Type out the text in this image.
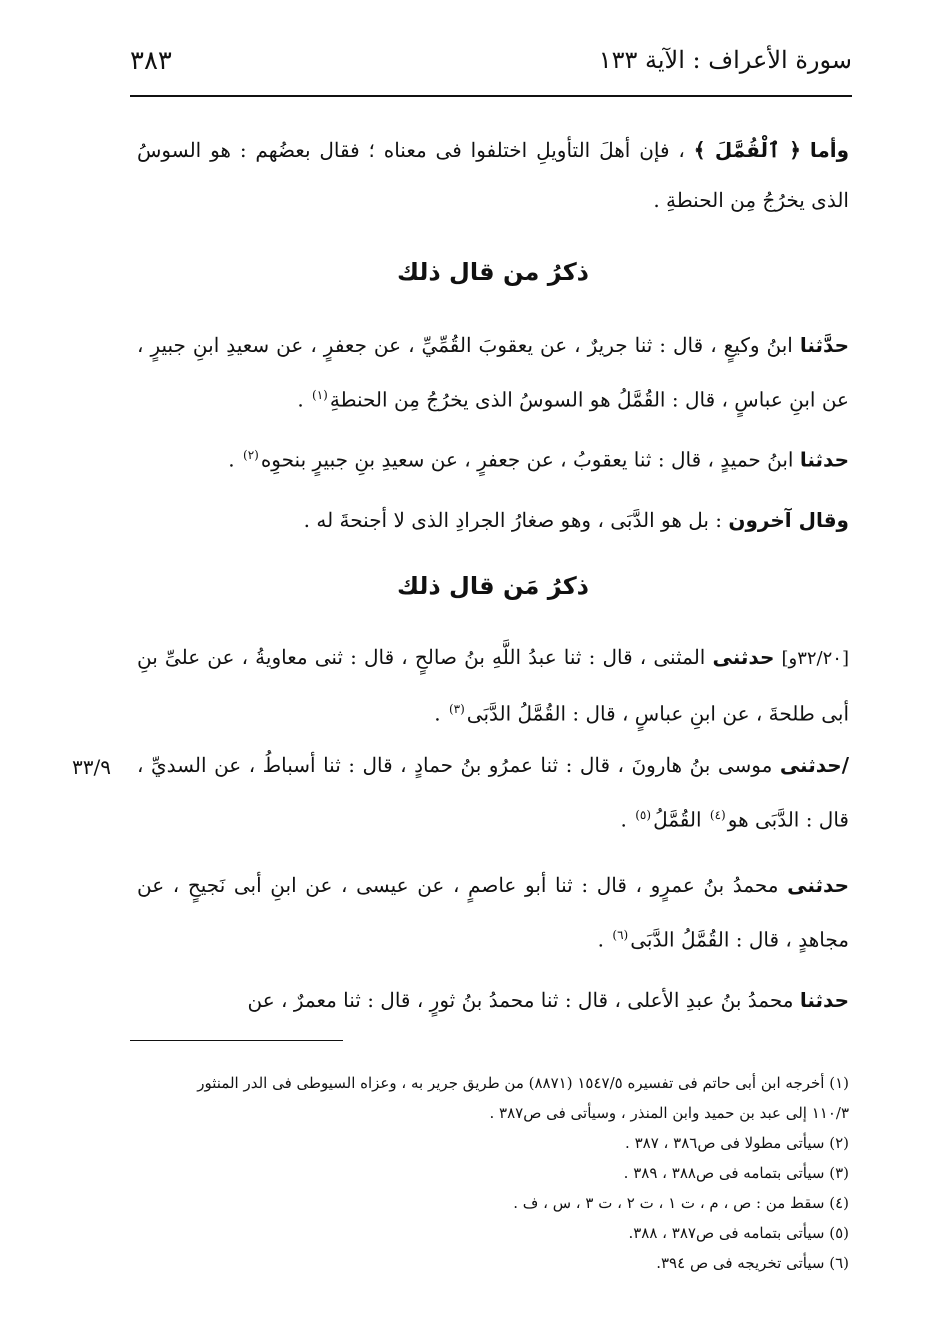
سورة الأعراف : الآية ١٣٣
٣٨٣

وأما ﴿ ٱلْقُمَّلَ ﴾ ، فإن أهلَ التأويلِ اختلفوا فى معناه ؛ فقال بعضُهم : هو السوسُ الذى يخرُجُ مِن الحنطةِ .

ذكرُ من قال ذلك

حدَّثنا ابنُ وكيعٍ ، قال : ثنا جريرٌ ، عن يعقوبَ القُمِّيِّ ، عن جعفرٍ ، عن سعيدِ ابنِ جبيرٍ ، عن ابنِ عباسٍ ، قال : القُمَّلُ هو السوسُ الذى يخرُجُ مِن الحنطةِ$^{(١)}$ .

حدثنا ابنُ حميدٍ ، قال : ثنا يعقوبُ ، عن جعفرٍ ، عن سعيدِ بنِ جبيرٍ بنحوِه$^{(٢)}$ .

وقال آخرون : بل هو الدَّبَى ، وهو صغارُ الجرادِ الذى لا أجنحةَ له .

ذكرُ مَن قال ذلك

[٣٢/٢٠و] حدثنى المثنى ، قال : ثنا عبدُ اللَّهِ بنُ صالحٍ ، قال : ثنى معاويةُ ، عن علىِّ بنِ أبى طلحةَ ، عن ابنِ عباسٍ ، قال : القُمَّلُ الدَّبَى$^{(٣)}$ .

/حدثنى موسى بنُ هارونَ ، قال : ثنا عمرُو بنُ حمادٍ ، قال : ثنا أسباطُ ، عن السديِّ ، قال : الدَّبَى هو$^{(٤)}$ القُمَّلُ$^{(٥)}$ .

٣٣/٩

حدثنى محمدُ بنُ عمرٍو ، قال : ثنا أبو عاصمٍ ، عن عيسى ، عن ابنِ أبى نَجيحٍ ، عن مجاهدٍ ، قال : القُمَّلُ الدَّبَى$^{(٦)}$ .

حدثنا محمدُ بنُ عبدِ الأعلى ، قال : ثنا محمدُ بنُ ثورٍ ، قال : ثنا معمرٌ ، عن

(١) أخرجه ابن أبى حاتم فى تفسيره ١٥٤٧/٥ (٨٨٧١) من طريق جرير به ، وعزاه السيوطى فى الدر المنثور

١١٠/٣ إلى عبد بن حميد وابن المنذر ، وسيأتى فى ص٣٨٧ .

(٢) سيأتى مطولا فى ص٣٨٦ ، ٣٨٧ .

(٣) سيأتى بتمامه فى ص٣٨٨ ، ٣٨٩ .

(٤) سقط من : ص ، م ، ت ١ ، ت ٢ ، ت ٣ ، س ، ف .

(٥) سيأتى بتمامه فى ص٣٨٧ ، ٣٨٨.

(٦) سيأتى تخريجه فى ص ٣٩٤.
